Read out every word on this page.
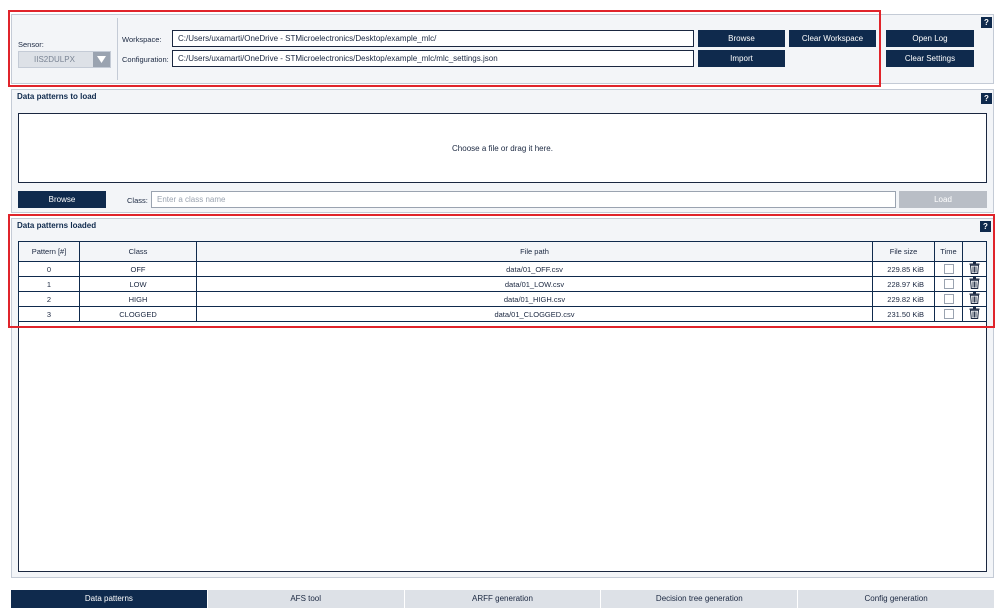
Sensor:
IIS2DULPX
Workspace:	C:/Users/uxamarti/OneDrive - STMicroelectronics/Desktop/example_mlc/
Configuration:	C:/Users/uxamarti/OneDrive - STMicroelectronics/Desktop/example_mlc/mlc_settings.json
Browse	Clear Workspace
Import
Open Log
Clear Settings
?
Data patterns to load	?
Choose a file or drag it here.
Browse	Class:
Enter a class name	Load
Data patterns loaded	?
Pattern [#]	Class	File path	File size	Time	
0	OFF	data/01_OFF.csv	229.85 KiB		
1	LOW	data/01_LOW.csv	228.97 KiB		
2	HIGH	data/01_HIGH.csv	229.82 KiB		
3	CLOGGED	data/01_CLOGGED.csv	231.50 KiB		
Data patterns	AFS tool	ARFF generation	Decision tree generation	Config generation
